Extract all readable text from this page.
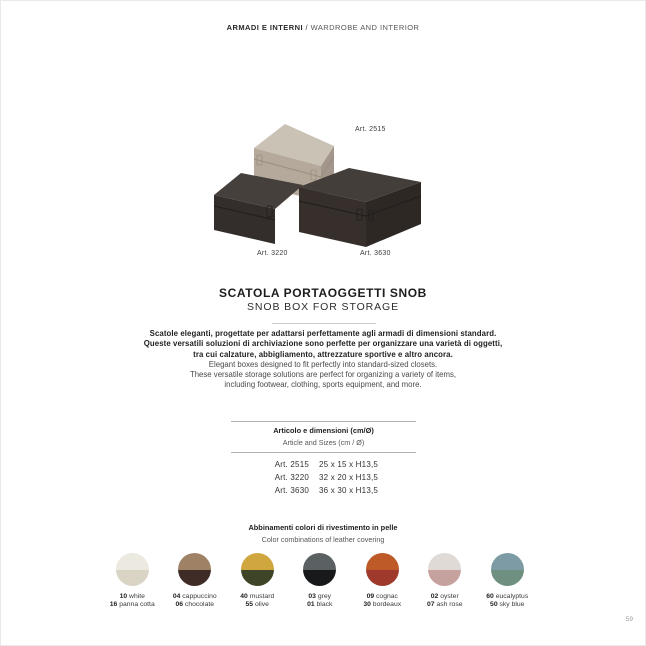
ARMADI E INTERNI / WARDROBE AND INTERIOR
Art. 2515
Art. 3220	Art. 3630
SCATOLA PORTAOGGETTI SNOB
SNOB BOX FOR STORAGE
Scatole eleganti, progettate per adattarsi perfettamente agli armadi di dimensioni standard.
Queste versatili soluzioni di archiviazione sono perfette per organizzare una varietà di oggetti,
tra cui calzature, abbigliamento, attrezzature sportive e altro ancora.
Elegant boxes designed to fit perfectly into standard-sized closets.
These versatile storage solutions are perfect for organizing a variety of items,
including footwear, clothing, sports equipment, and more.
Articolo e dimensioni (cm/Ø)
Article and Sizes (cm / Ø)
Art. 2515 25 x 15 x H13,5
Art. 3220 32 x 20 x H13,5
Art. 3630 36 x 30 x H13,5
Abbinamenti colori di rivestimento in pelle
Color combinations of leather covering
10 white
16 panna cotta
04 cappuccino
06 chocolate
40 mustard
55 olive
03 grey
01 black
09 cognac
30 bordeaux
02 oyster
07 ash rose
60 eucalyptus
50 sky blue
59
